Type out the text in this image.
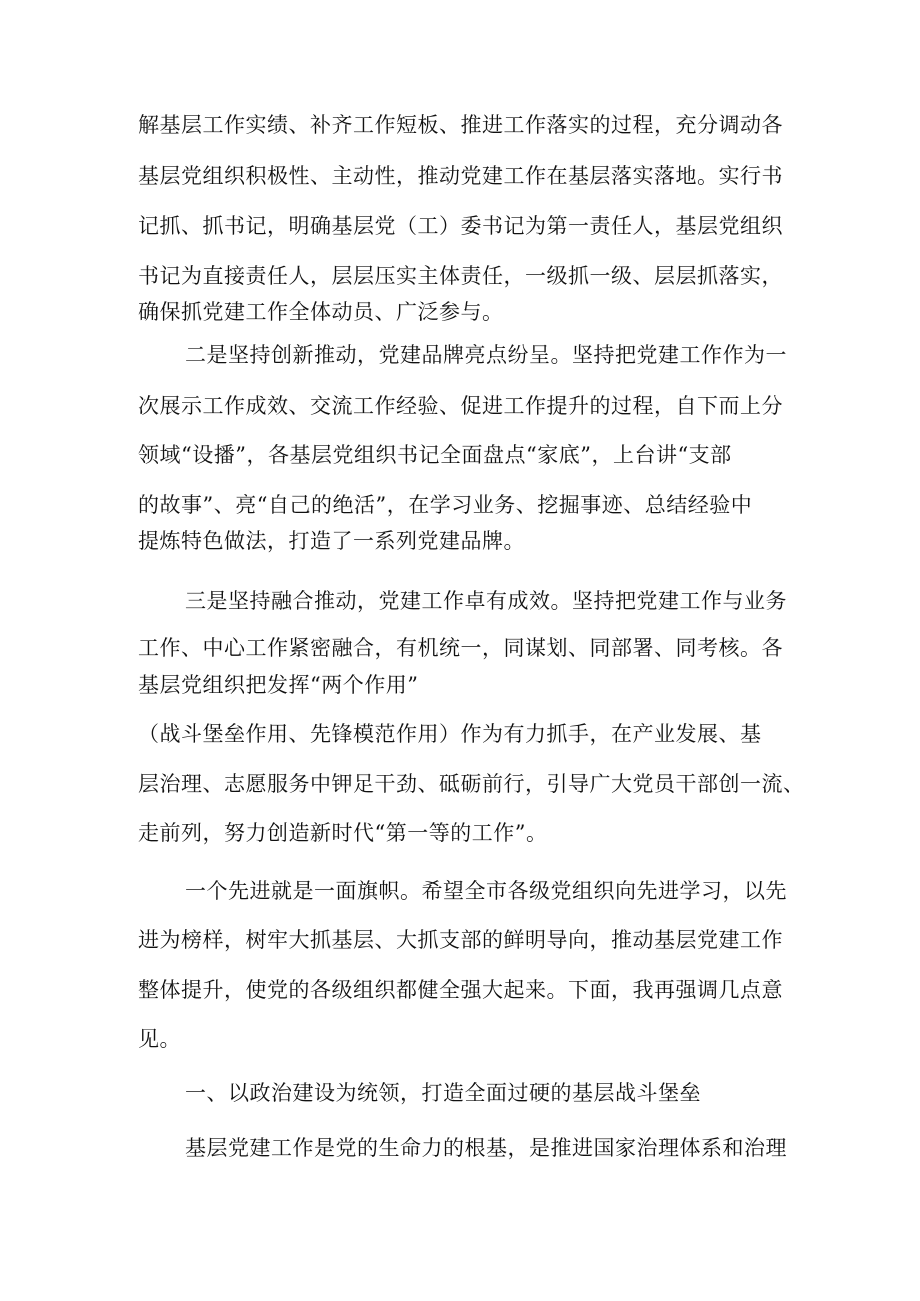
解基层工作实绩、补齐工作短板、推进工作落实的过程，充分调动各
基层党组织积极性、主动性，推动党建工作在基层落实落地。实行书
记抓、抓书记，明确基层党（工）委书记为第一责任人，基层党组织
书记为直接责任人，层层压实主体责任，一级抓一级、层层抓落实，
确保抓党建工作全体动员、广泛参与。
二是坚持创新推动，党建品牌亮点纷呈。坚持把党建工作作为一
次展示工作成效、交流工作经验、促进工作提升的过程，自下而上分
领域“设播”，各基层党组织书记全面盘点“家底”，上台讲“支部
的故事”、亮“自己的绝活”，在学习业务、挖掘事迹、总结经验中
提炼特色做法，打造了一系列党建品牌。
三是坚持融合推动，党建工作卓有成效。坚持把党建工作与业务
工作、中心工作紧密融合，有机统一，同谋划、同部署、同考核。各
基层党组织把发挥“两个作用”
（战斗堡垒作用、先锋模范作用）作为有力抓手，在产业发展、基
层治理、志愿服务中钾足干劲、砥砺前行，引导广大党员干部创一流、
走前列，努力创造新时代“第一等的工作”。
一个先进就是一面旗帜。希望全市各级党组织向先进学习，以先
进为榜样，树牢大抓基层、大抓支部的鲜明导向，推动基层党建工作
整体提升，使党的各级组织都健全强大起来。下面，我再强调几点意
见。
一、以政治建设为统领，打造全面过硬的基层战斗堡垒
基层党建工作是党的生命力的根基，是推进国家治理体系和治理
